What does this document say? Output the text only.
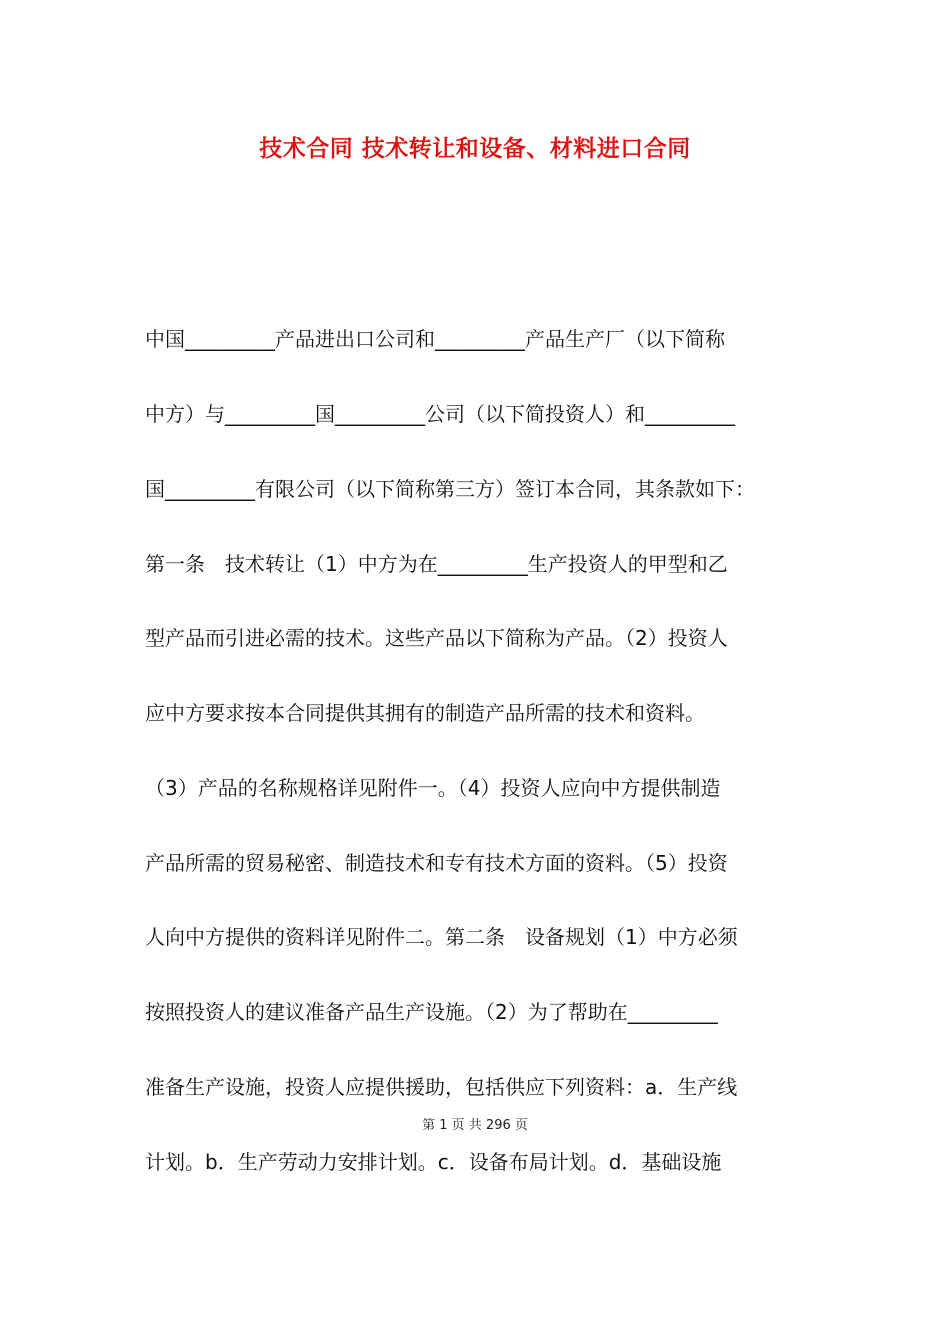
技术合同 技术转让和设备、材料进口合同

中国_________产品进出口公司和_________产品生产厂（以下简称

中方）与_________国_________公司（以下简投资人）和_________

国_________有限公司（以下简称第三方）签订本合同，其条款如下：

第一条　技术转让（1）中方为在_________生产投资人的甲型和乙

型产品而引进必需的技术。这些产品以下简称为产品。（2）投资人

应中方要求按本合同提供其拥有的制造产品所需的技术和资料。

（3）产品的名称规格详见附件一。（4）投资人应向中方提供制造

产品所需的贸易秘密、制造技术和专有技术方面的资料。（5）投资

人向中方提供的资料详见附件二。第二条　设备规划（1）中方必须

按照投资人的建议准备产品生产设施。（2）为了帮助在_________

准备生产设施，投资人应提供援助，包括供应下列资料：a．生产线

计划。b．生产劳动力安排计划。c．设备布局计划。d．基础设施

第 1 页 共 296 页
